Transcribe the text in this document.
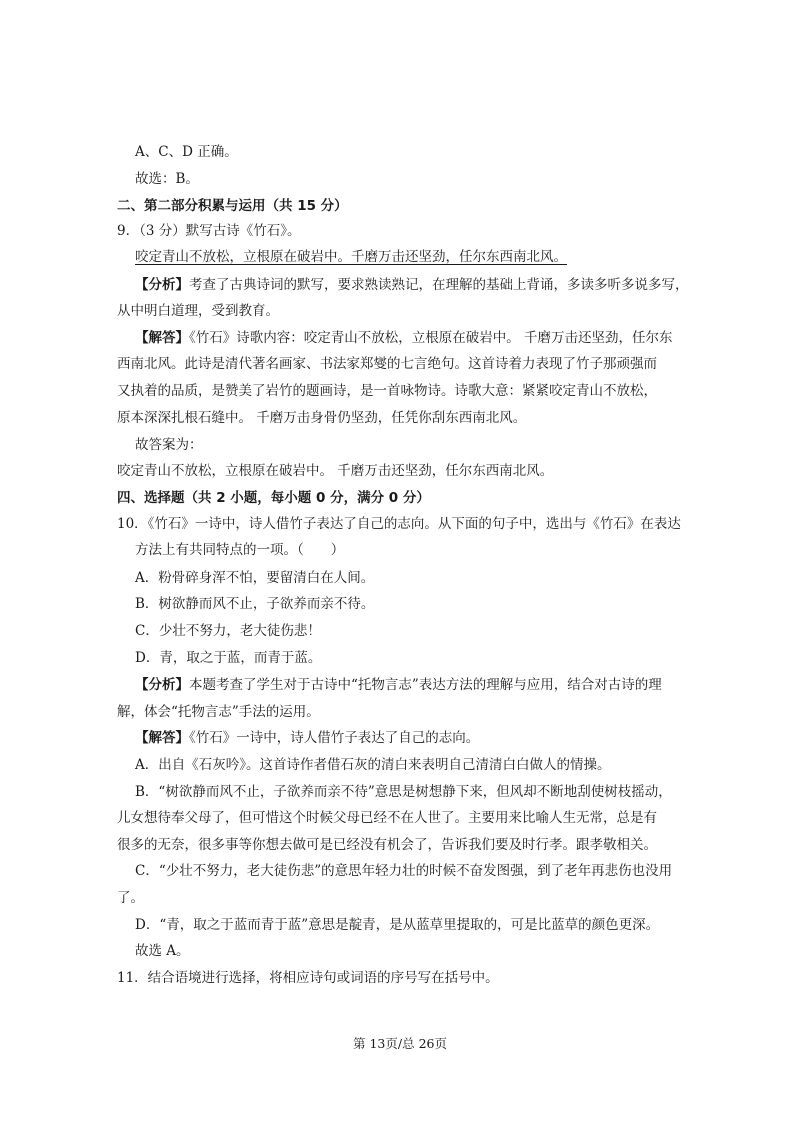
A、C、D 正确。
故选：B。
二、第二部分积累与运用（共 15 分）
9．（3 分）默写古诗《竹石》。
咬定青山不放松，立根原在破岩中。千磨万击还坚劲，任尔东西南北风。
【分析】考查了古典诗词的默写，要求熟读熟记，在理解的基础上背诵，多读多听多说多写，
从中明白道理，受到教育。
【解答】《竹石》诗歌内容：咬定青山不放松，立根原在破岩中。 千磨万击还坚劲，任尔东
西南北风。此诗是清代著名画家、书法家郑燮的七言绝句。这首诗着力表现了竹子那顽强而
又执着的品质，是赞美了岩竹的题画诗，是一首咏物诗。诗歌大意：紧紧咬定青山不放松，
原本深深扎根石缝中。 千磨万击身骨仍坚劲，任凭你刮东西南北风。
故答案为：
咬定青山不放松，立根原在破岩中。 千磨万击还坚劲，任尔东西南北风。
四、选择题（共 2 小题，每小题 0 分，满分 0 分）
10．《竹石》一诗中，诗人借竹子表达了自己的志向。从下面的句子中，选出与《竹石》在表达
方法上有共同特点的一项。（　　）
A．粉骨碎身浑不怕，要留清白在人间。
B．树欲静而风不止，子欲养而亲不待。
C．少壮不努力，老大徒伤悲！
D．青，取之于蓝，而青于蓝。
【分析】本题考查了学生对于古诗中“托物言志”表达方法的理解与应用，结合对古诗的理
解，体会“托物言志”手法的运用。
【解答】《竹石》一诗中，诗人借竹子表达了自己的志向。
A．出自《石灰吟》。这首诗作者借石灰的清白来表明自己清清白白做人的情操。
B．“树欲静而风不止，子欲养而亲不待”意思是树想静下来，但风却不断地刮使树枝摇动，
儿女想待奉父母了，但可惜这个时候父母已经不在人世了。主要用来比喻人生无常，总是有
很多的无奈，很多事等你想去做可是已经没有机会了，告诉我们要及时行孝。跟孝敬相关。
C．“少壮不努力，老大徒伤悲”的意思年轻力壮的时候不奋发图强，到了老年再悲伤也没用
了。
D．“青，取之于蓝而青于蓝”意思是靛青，是从蓝草里提取的，可是比蓝草的颜色更深。
故选 A。
11．结合语境进行选择，将相应诗句或词语的序号写在括号中。
第 13页/总 26页
